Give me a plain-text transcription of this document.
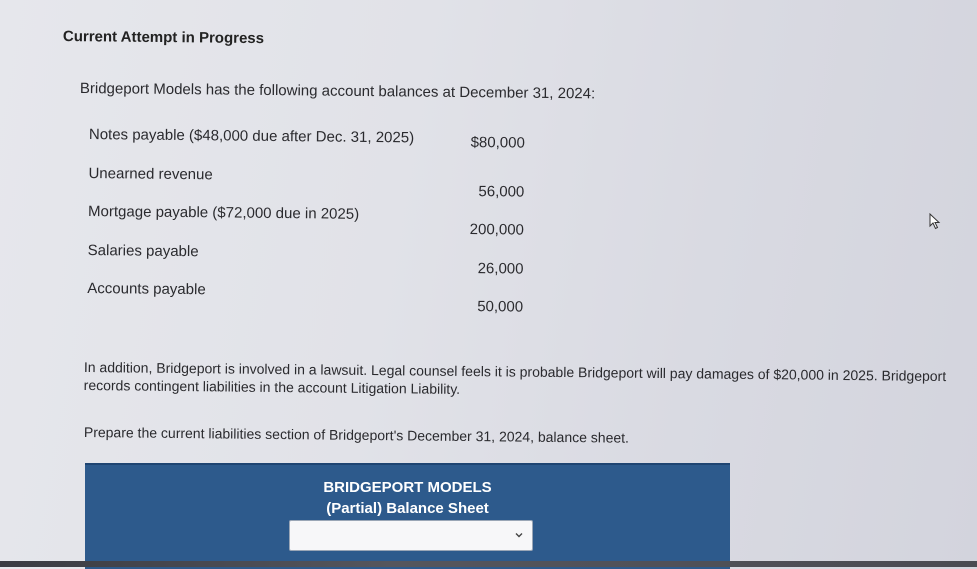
Current Attempt in Progress
Bridgeport Models has the following account balances at December 31, 2024:
Notes payable ($48,000 due after Dec. 31, 2025)	$80,000
Unearned revenue
56,000
Mortgage payable ($72,000 due in 2025)
200,000
Salaries payable
26,000
Accounts payable
50,000
In addition, Bridgeport is involved in a lawsuit. Legal counsel feels it is probable Bridgeport will pay damages of $20,000 in 2025. Bridgeport records contingent liabilities in the account Litigation Liability.
Prepare the current liabilities section of Bridgeport's December 31, 2024, balance sheet.
BRIDGEPORT MODELS
(Partial) Balance Sheet
